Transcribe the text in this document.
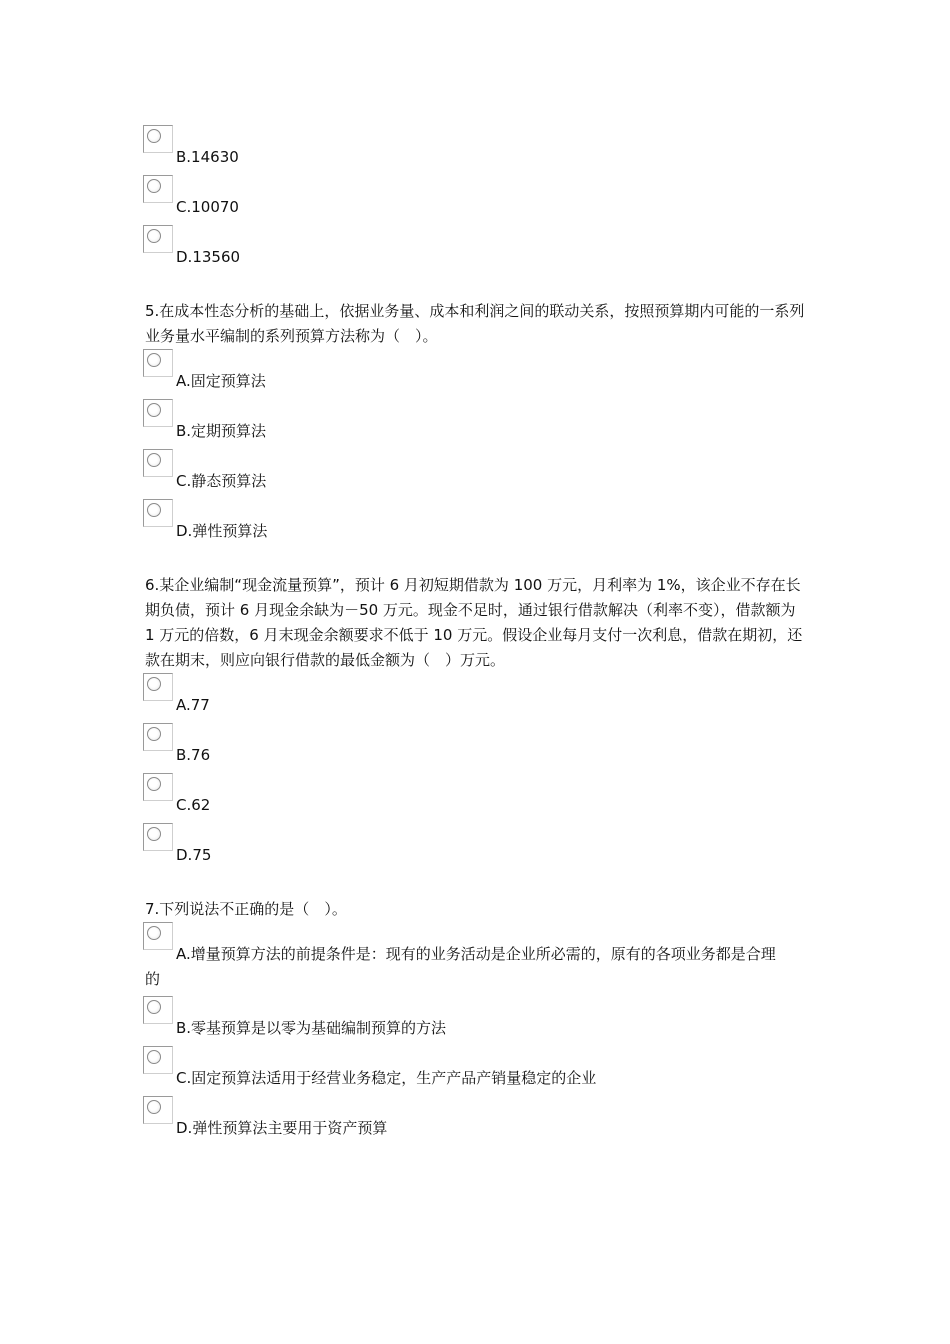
B.14630
C.10070
D.13560

5.在成本性态分析的基础上，依据业务量、成本和利润之间的联动关系，按照预算期内可能的一系列业务量水平编制的系列预算方法称为（　）。

A.固定预算法
B.定期预算法
C.静态预算法
D.弹性预算法

6.某企业编制“现金流量预算”，预计 6 月初短期借款为 100 万元，月利率为 1%，该企业不存在长期负债，预计 6 月现金余缺为－50 万元。现金不足时，通过银行借款解决（利率不变），借款额为 1 万元的倍数，6 月末现金余额要求不低于 10 万元。假设企业每月支付一次利息，借款在期初，还款在期末，则应向银行借款的最低金额为（　）万元。

A.77
B.76
C.62
D.75

7.下列说法不正确的是（　）。

A.增量预算方法的前提条件是：现有的业务活动是企业所必需的，原有的各项业务都是合理的
B.零基预算是以零为基础编制预算的方法
C.固定预算法适用于经营业务稳定，生产产品产销量稳定的企业
D.弹性预算法主要用于资产预算
